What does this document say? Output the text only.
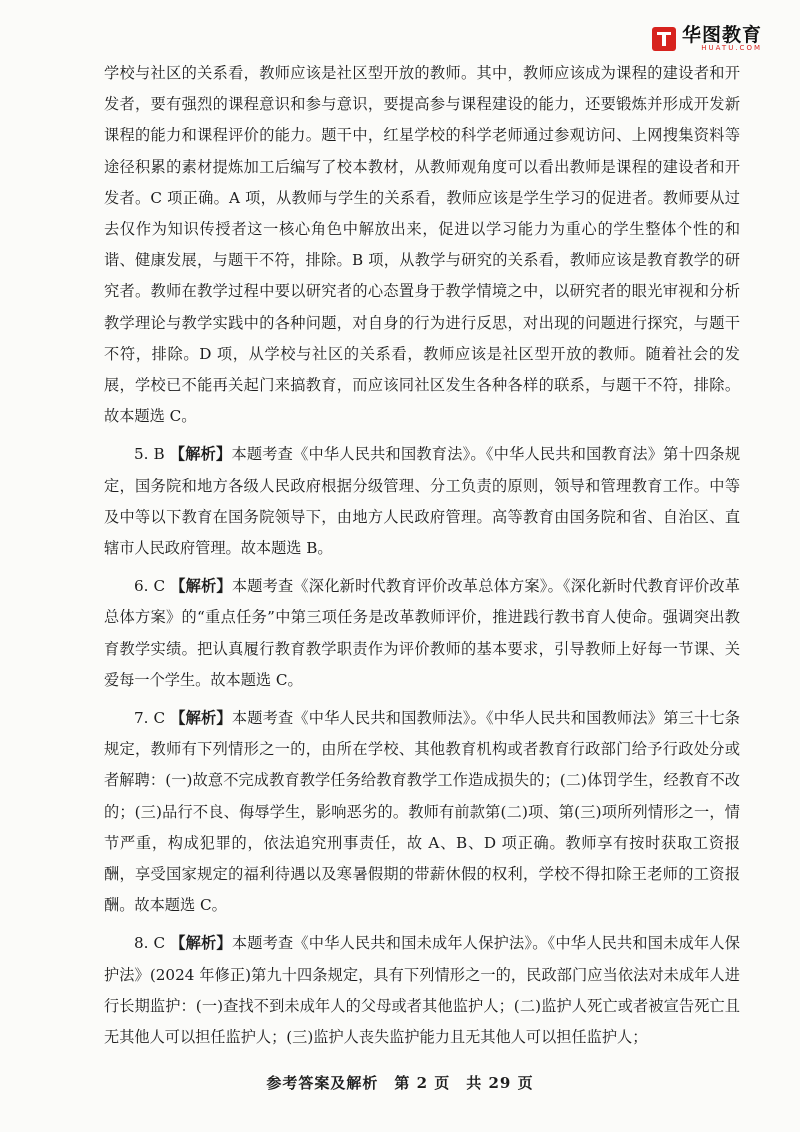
华图教育
HUATU.COM

学校与社区的关系看，教师应该是社区型开放的教师。其中，教师应该成为课程的建设者和开发者，要有强烈的课程意识和参与意识，要提高参与课程建设的能力，还要锻炼并形成开发新课程的能力和课程评价的能力。题干中，红星学校的科学老师通过参观访问、上网搜集资料等途径积累的素材提炼加工后编写了校本教材，从教师观角度可以看出教师是课程的建设者和开发者。C 项正确。A 项，从教师与学生的关系看，教师应该是学生学习的促进者。教师要从过去仅作为知识传授者这一核心角色中解放出来，促进以学习能力为重心的学生整体个性的和谐、健康发展，与题干不符，排除。B 项，从教学与研究的关系看，教师应该是教育教学的研究者。教师在教学过程中要以研究者的心态置身于教学情境之中，以研究者的眼光审视和分析教学理论与教学实践中的各种问题，对自身的行为进行反思，对出现的问题进行探究，与题干不符，排除。D 项，从学校与社区的关系看，教师应该是社区型开放的教师。随着社会的发展，学校已不能再关起门来搞教育，而应该同社区发生各种各样的联系，与题干不符，排除。故本题选 C。

5. B 【解析】本题考查《中华人民共和国教育法》。《中华人民共和国教育法》第十四条规定，国务院和地方各级人民政府根据分级管理、分工负责的原则，领导和管理教育工作。中等及中等以下教育在国务院领导下，由地方人民政府管理。高等教育由国务院和省、自治区、直辖市人民政府管理。故本题选 B。

6. C 【解析】本题考查《深化新时代教育评价改革总体方案》。《深化新时代教育评价改革总体方案》的“重点任务”中第三项任务是改革教师评价，推进践行教书育人使命。强调突出教育教学实绩。把认真履行教育教学职责作为评价教师的基本要求，引导教师上好每一节课、关爱每一个学生。故本题选 C。

7. C 【解析】本题考查《中华人民共和国教师法》。《中华人民共和国教师法》第三十七条规定，教师有下列情形之一的，由所在学校、其他教育机构或者教育行政部门给予行政处分或者解聘：(一)故意不完成教育教学任务给教育教学工作造成损失的；(二)体罚学生，经教育不改的；(三)品行不良、侮辱学生，影响恶劣的。教师有前款第(二)项、第(三)项所列情形之一，情节严重，构成犯罪的，依法追究刑事责任，故 A、B、D 项正确。教师享有按时获取工资报酬，享受国家规定的福利待遇以及寒暑假期的带薪休假的权利，学校不得扣除王老师的工资报酬。故本题选 C。

8. C 【解析】本题考查《中华人民共和国未成年人保护法》。《中华人民共和国未成年人保护法》(2024 年修正)第九十四条规定，具有下列情形之一的，民政部门应当依法对未成年人进行长期监护：(一)查找不到未成年人的父母或者其他监护人；(二)监护人死亡或者被宣告死亡且无其他人可以担任监护人；(三)监护人丧失监护能力且无其他人可以担任监护人；

参考答案及解析　第 2 页　共 29 页
